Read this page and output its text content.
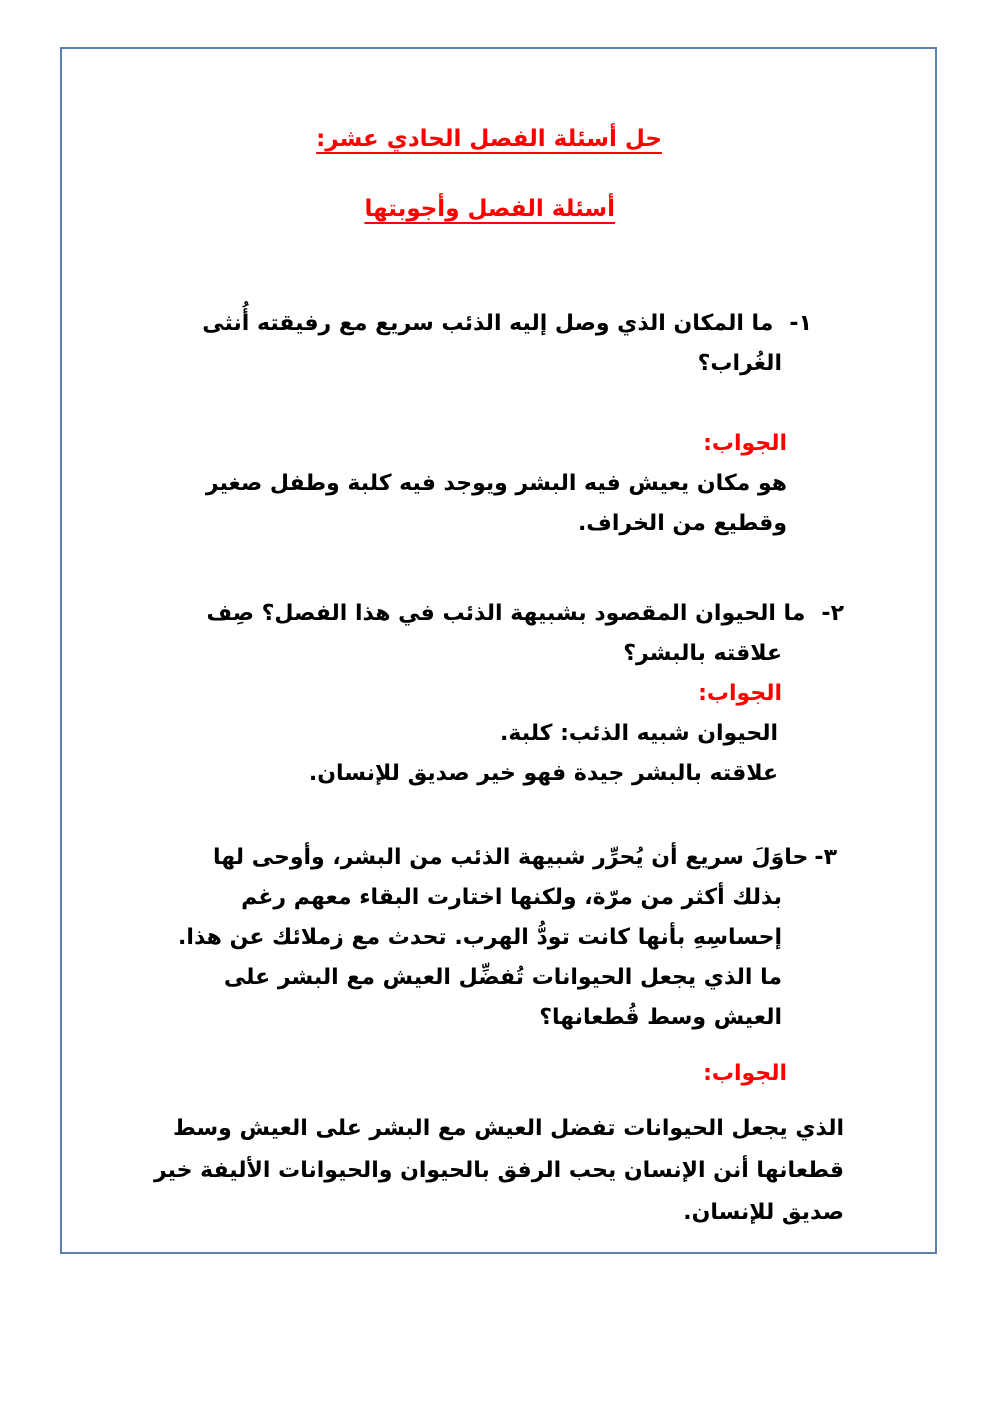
حل أسئلة الفصل الحادي عشر:
أسئلة الفصل وأجوبتها
١-ما المكان الذي وصل إليه الذئب سريع مع رفيقته أُنثى
الغُراب؟
الجواب:
هو مكان يعيش فيه البشر ويوجد فيه كلبة وطفل صغير
وقطيع من الخراف.
٢-ما الحيوان المقصود بشبيهة الذئب في هذا الفصل؟ صِف
علاقته بالبشر؟
الجواب:
الحيوان شبيه الذئب: كلبة.
علاقته بالبشر جيدة فهو خير صديق للإنسان.
٣-حاوَلَ سريع أن يُحرِّر شبيهة الذئب من البشر، وأوحى لها
بذلك أكثر من مرّة، ولكنها اختارت البقاء معهم رغم
إحساسِهِ بأنها كانت تودُّ الهرب. تحدث مع زملائك عن هذا.
ما الذي يجعل الحيوانات تُفضِّل العيش مع البشر على
العيش وسط قُطعانها؟
الجواب:
الذي يجعل الحيوانات تفضل العيش مع البشر على العيش وسط
قطعانها أنن الإنسان يحب الرفق بالحيوان والحيوانات الأليفة خير
صديق للإنسان.
